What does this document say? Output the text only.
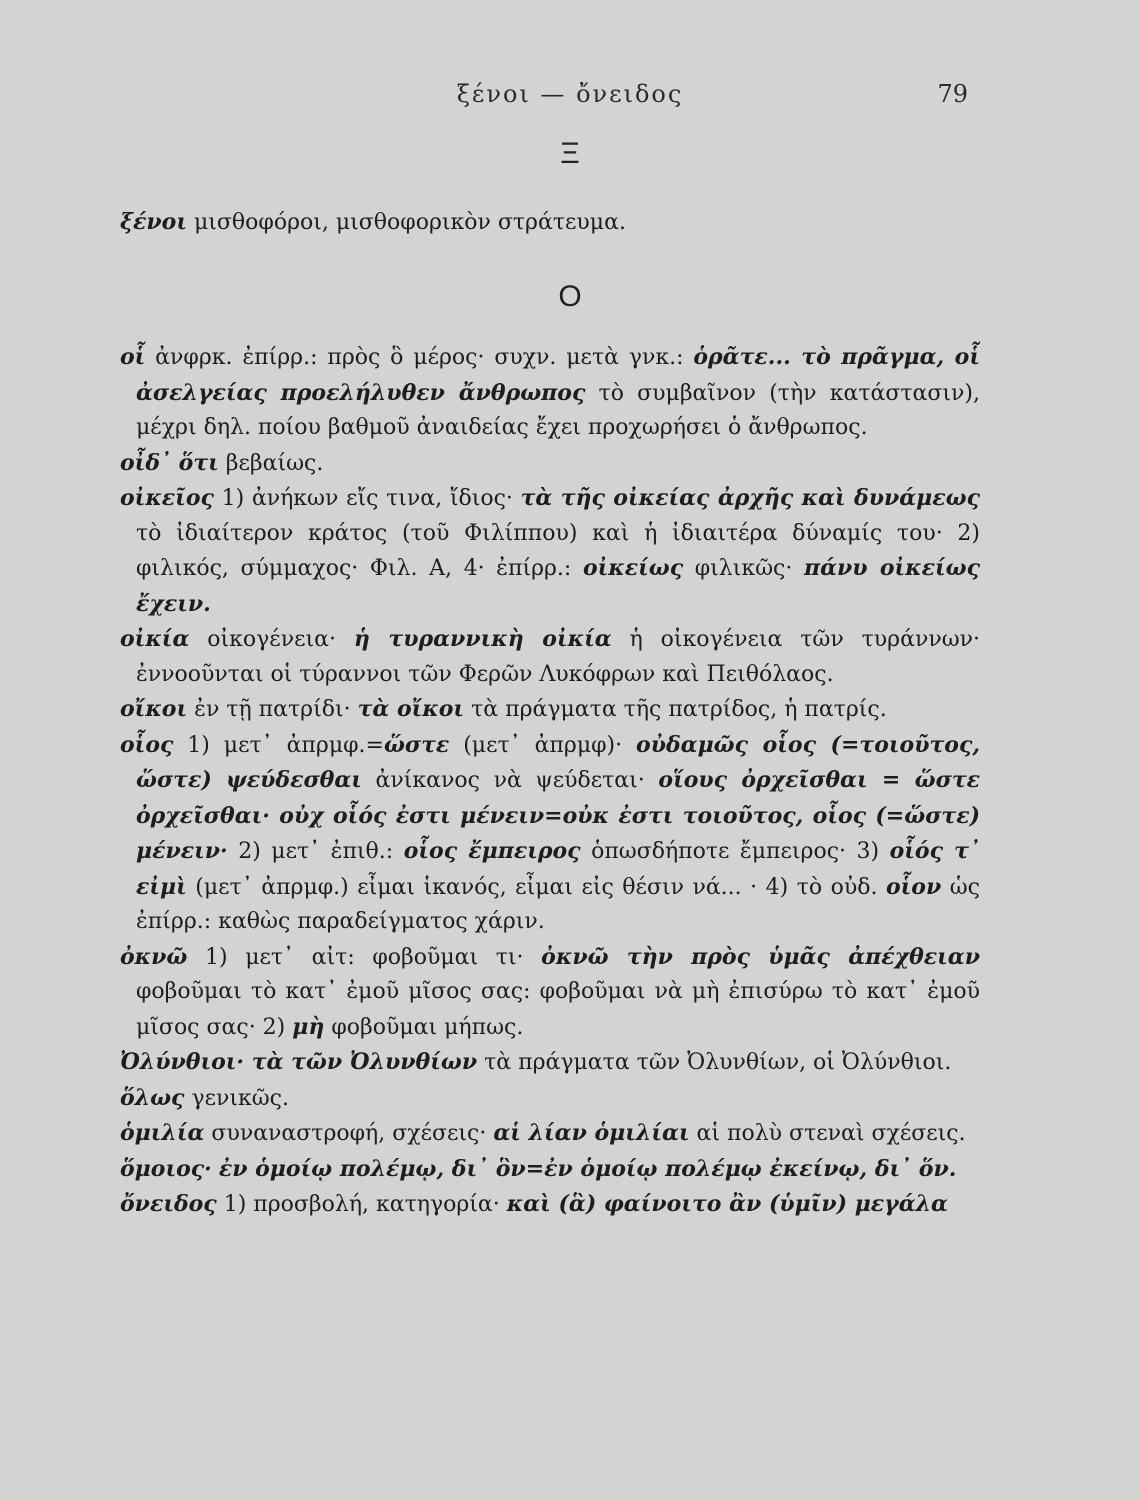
ξένοι — ὄνειδος	79
Ξ

ξένοι μισθοφόροι, μισθοφορικὸν στράτευμα.

Ο

οἷ ἀνφρκ. ἐπίρρ.: πρὸς ὃ μέρος· συχν. μετὰ γνκ.: ὁρᾶτε... τὸ πρᾶγμα, οἷ ἀσελγείας προελήλυθεν ἄνθρωπος τὸ συμβαῖνον (τὴν κατάστασιν), μέχρι δηλ. ποίου βαθμοῦ ἀναιδείας ἔχει προχωρήσει ὁ ἄνθρωπος.

οἶδ᾽ ὅτι βεβαίως.

οἰκεῖος 1) ἀνήκων εἴς τινα, ἴδιος· τὰ τῆς οἰκείας ἀρχῆς καὶ δυνάμεως τὸ ἰδιαίτερον κράτος (τοῦ Φιλίππου) καὶ ἡ ἰδιαιτέρα δύναμίς του· 2) φιλικός, σύμμαχος· Φιλ. Α, 4· ἐπίρρ.: οἰκείως φιλικῶς· πάνυ οἰκείως ἔχειν.

οἰκία οἰκογένεια· ἡ τυραννικὴ οἰκία ἡ οἰκογένεια τῶν τυράννων· ἐννοοῦνται οἱ τύραννοι τῶν Φερῶν Λυκόφρων καὶ Πειθόλαος.

οἴκοι ἐν τῇ πατρίδι· τὰ οἴκοι τὰ πράγματα τῆς πατρίδος, ἡ πατρίς.

οἷος 1) μετ᾽ ἀπρμφ.=ὥστε (μετ᾽ ἀπρμφ)· οὐδαμῶς οἷος (=τοιοῦτος, ὥστε) ψεύδεσθαι ἀνίκανος νὰ ψεύδεται· οἵους ὀρχεῖσθαι = ὥστε ὀρχεῖσθαι· οὐχ οἷός ἐστι μένειν=οὐκ ἐστι τοιοῦτος, οἷος (=ὥστε) μένειν· 2) μετ᾽ ἐπιθ.: οἷος ἔμπειρος ὁπωσδήποτε ἔμπειρος· 3) οἷός τ᾽ εἰμὶ (μετ᾽ ἀπρμφ.) εἶμαι ἱκανός, εἶμαι εἰς θέσιν νά... · 4) τὸ οὐδ. οἷον ὡς ἐπίρρ.: καθὼς παραδείγματος χάριν.

ὀκνῶ 1) μετ᾽ αἰτ: φοβοῦμαι τι· ὀκνῶ τὴν πρὸς ὑμᾶς ἀπέχθειαν φοβοῦμαι τὸ κατ᾽ ἐμοῦ μῖσος σας: φοβοῦμαι νὰ μὴ ἐπισύρω τὸ κατ᾽ ἐμοῦ μῖσος σας· 2) μὴ φοβοῦμαι μήπως.

Ὀλύνθιοι· τὰ τῶν Ὀλυνθίων τὰ πράγματα τῶν Ὀλυνθίων, οἱ Ὀλύνθιοι.

ὅλως γενικῶς.

ὁμιλία συναναστροφή, σχέσεις· αἱ λίαν ὁμιλίαι αἱ πολὺ στεναὶ σχέσεις.

ὅμοιος· ἐν ὁμοίῳ πολέμῳ, δι᾽ ὃν=ἐν ὁμοίῳ πολέμῳ ἐκείνῳ, δι᾽ ὅν.

ὄνειδος 1) προσβολή, κατηγορία· καὶ (ἃ) φαίνοιτο ἂν (ὑμῖν) μεγάλα
